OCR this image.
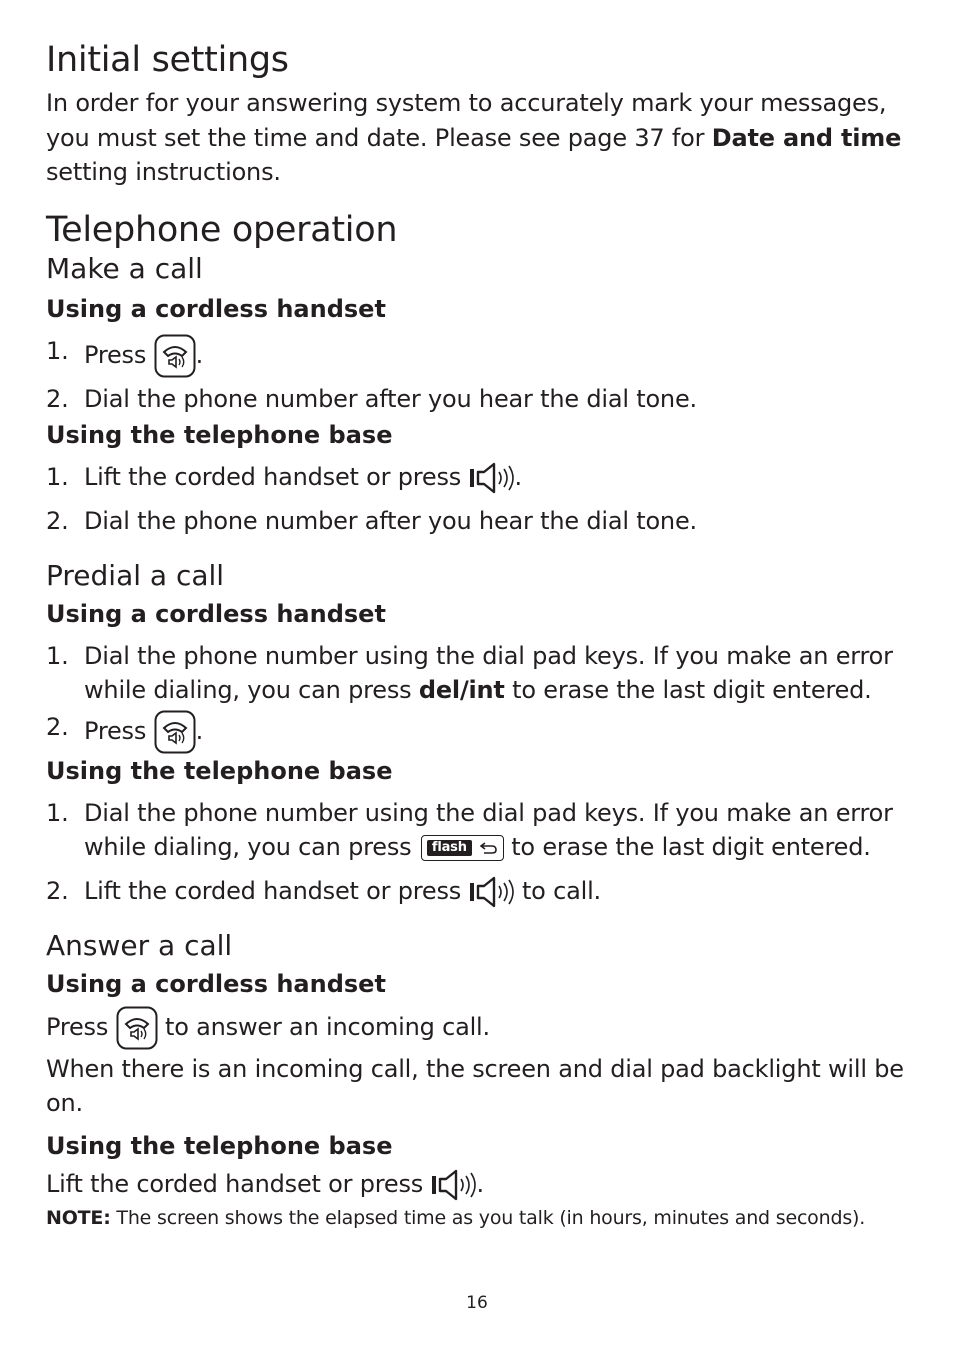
Initial settings

In order for your answering system to accurately mark your messages, you must set the time and date. Please see page 37 for Date and time setting instructions.

Telephone operation
Make a call
Using a cordless handset
1. Press .
2. Dial the phone number after you hear the dial tone.
Using the telephone base
1. Lift the corded handset or press .
2. Dial the phone number after you hear the dial tone.
Predial a call
Using a cordless handset
1. Dial the phone number using the dial pad keys. If you make an error while dialing, you can press del/int to erase the last digit entered.
2. Press .
Using the telephone base
1. Dial the phone number using the dial pad keys. If you make an error while dialing, you can press	flash to erase the last digit entered.
2. Lift the corded handset or press  to call.
Answer a call
Using a cordless handset

Press  to answer an incoming call.

When there is an incoming call, the screen and dial pad backlight will be on.

Using the telephone base

Lift the corded handset or press .

NOTE: The screen shows the elapsed time as you talk (in hours, minutes and seconds).

16
